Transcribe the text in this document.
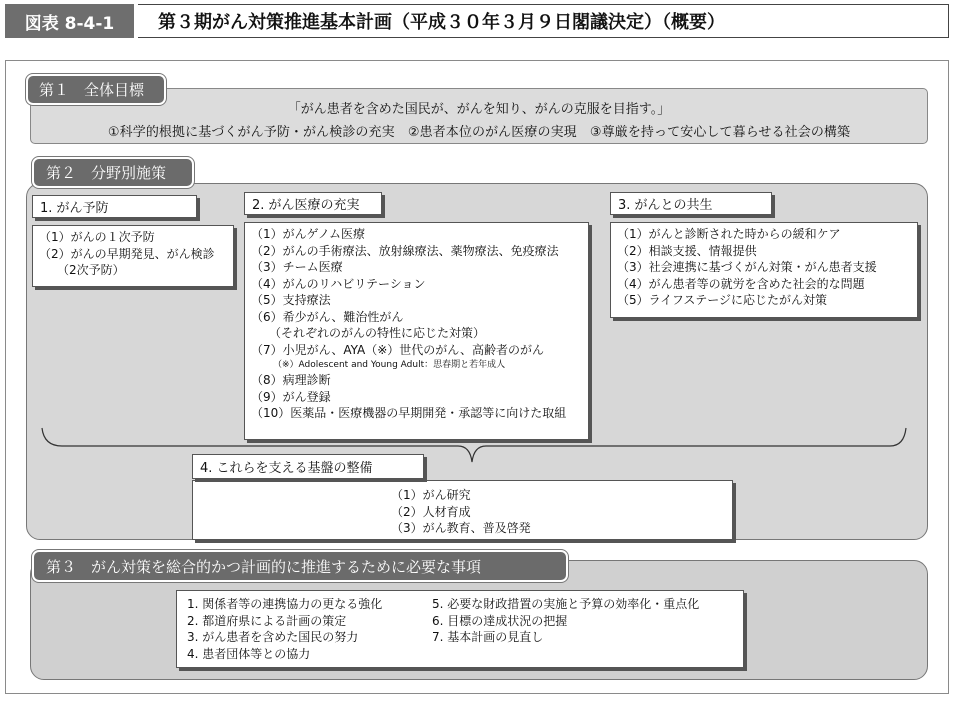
図表 8-4-1	第３期がん対策推進基本計画（平成３０年３月９日閣議決定）（概要）
「がん患者を含めた国民が、がんを知り、がんの克服を目指す。」
①科学的根拠に基づくがん予防・がん検診の充実　②患者本位のがん医療の実現　③尊厳を持って安心して暮らせる社会の構築
第１　全体目標
第２　分野別施策
（1）がんの１次予防
（2）がんの早期発見、がん検診
　　（2次予防）
1. がん予防
（1）がんゲノム医療
（2）がんの手術療法、放射線療法、薬物療法、免疫療法
（3）チーム医療
（4）がんのリハビリテーション
（5）支持療法
（6）希少がん、難治性がん
　　（それぞれのがんの特性に応じた対策）
（7）小児がん、AYA（※）世代のがん、高齢者のがん
（※）Adolescent and Young Adult：思春期と若年成人
（8）病理診断
（9）がん登録
（10）医薬品・医療機器の早期開発・承認等に向けた取組
2. がん医療の充実
（1）がんと診断された時からの緩和ケア
（2）相談支援、情報提供
（3）社会連携に基づくがん対策・がん患者支援
（4）がん患者等の就労を含めた社会的な問題
（5）ライフステージに応じたがん対策
3. がんとの共生
（1）がん研究
（2）人材育成
（3）がん教育、普及啓発
4. これらを支える基盤の整備
第３　がん対策を総合的かつ計画的に推進するために必要な事項
1. 関係者等の連携協力の更なる強化
2. 都道府県による計画の策定
3. がん患者を含めた国民の努力
4. 患者団体等との協力
5. 必要な財政措置の実施と予算の効率化・重点化
6. 目標の達成状況の把握
7. 基本計画の見直し
